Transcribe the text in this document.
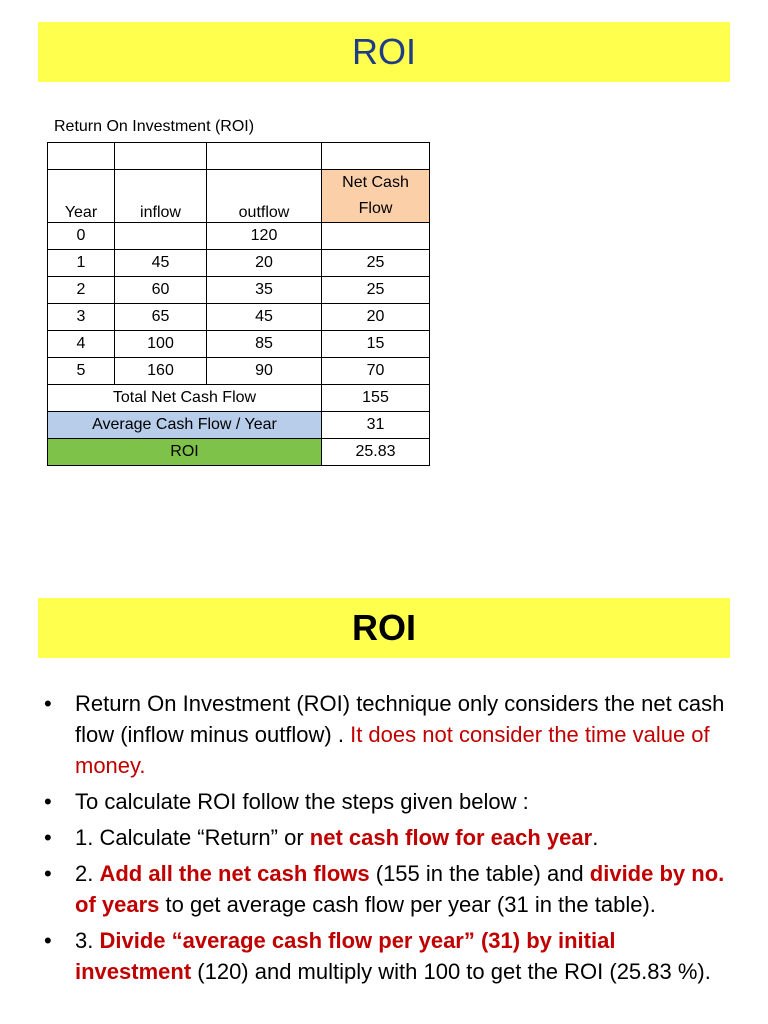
ROI
Return On Investment (ROI)

Year	inflow	outflow	Net Cash
Flow
0		120	
1	45	20	25
2	60	35	25
3	65	45	20
4	100	85	15
5	160	90	70
Total Net Cash Flow			155
Average Cash Flow / Year			31
ROI			25.83
ROI
• Return On Investment (ROI) technique only considers the net cash flow (inflow minus outflow) . It does not consider the time value of money.
• To calculate ROI follow the steps given below :
• 1. Calculate “Return” or net cash flow for each year.
• 2. Add all the net cash flows (155 in the table) and divide by no. of years to get average cash flow per year (31 in the table).
• 3. Divide “average cash flow per year” (31) by initial investment (120) and multiply with 100 to get the ROI (25.83 %).
